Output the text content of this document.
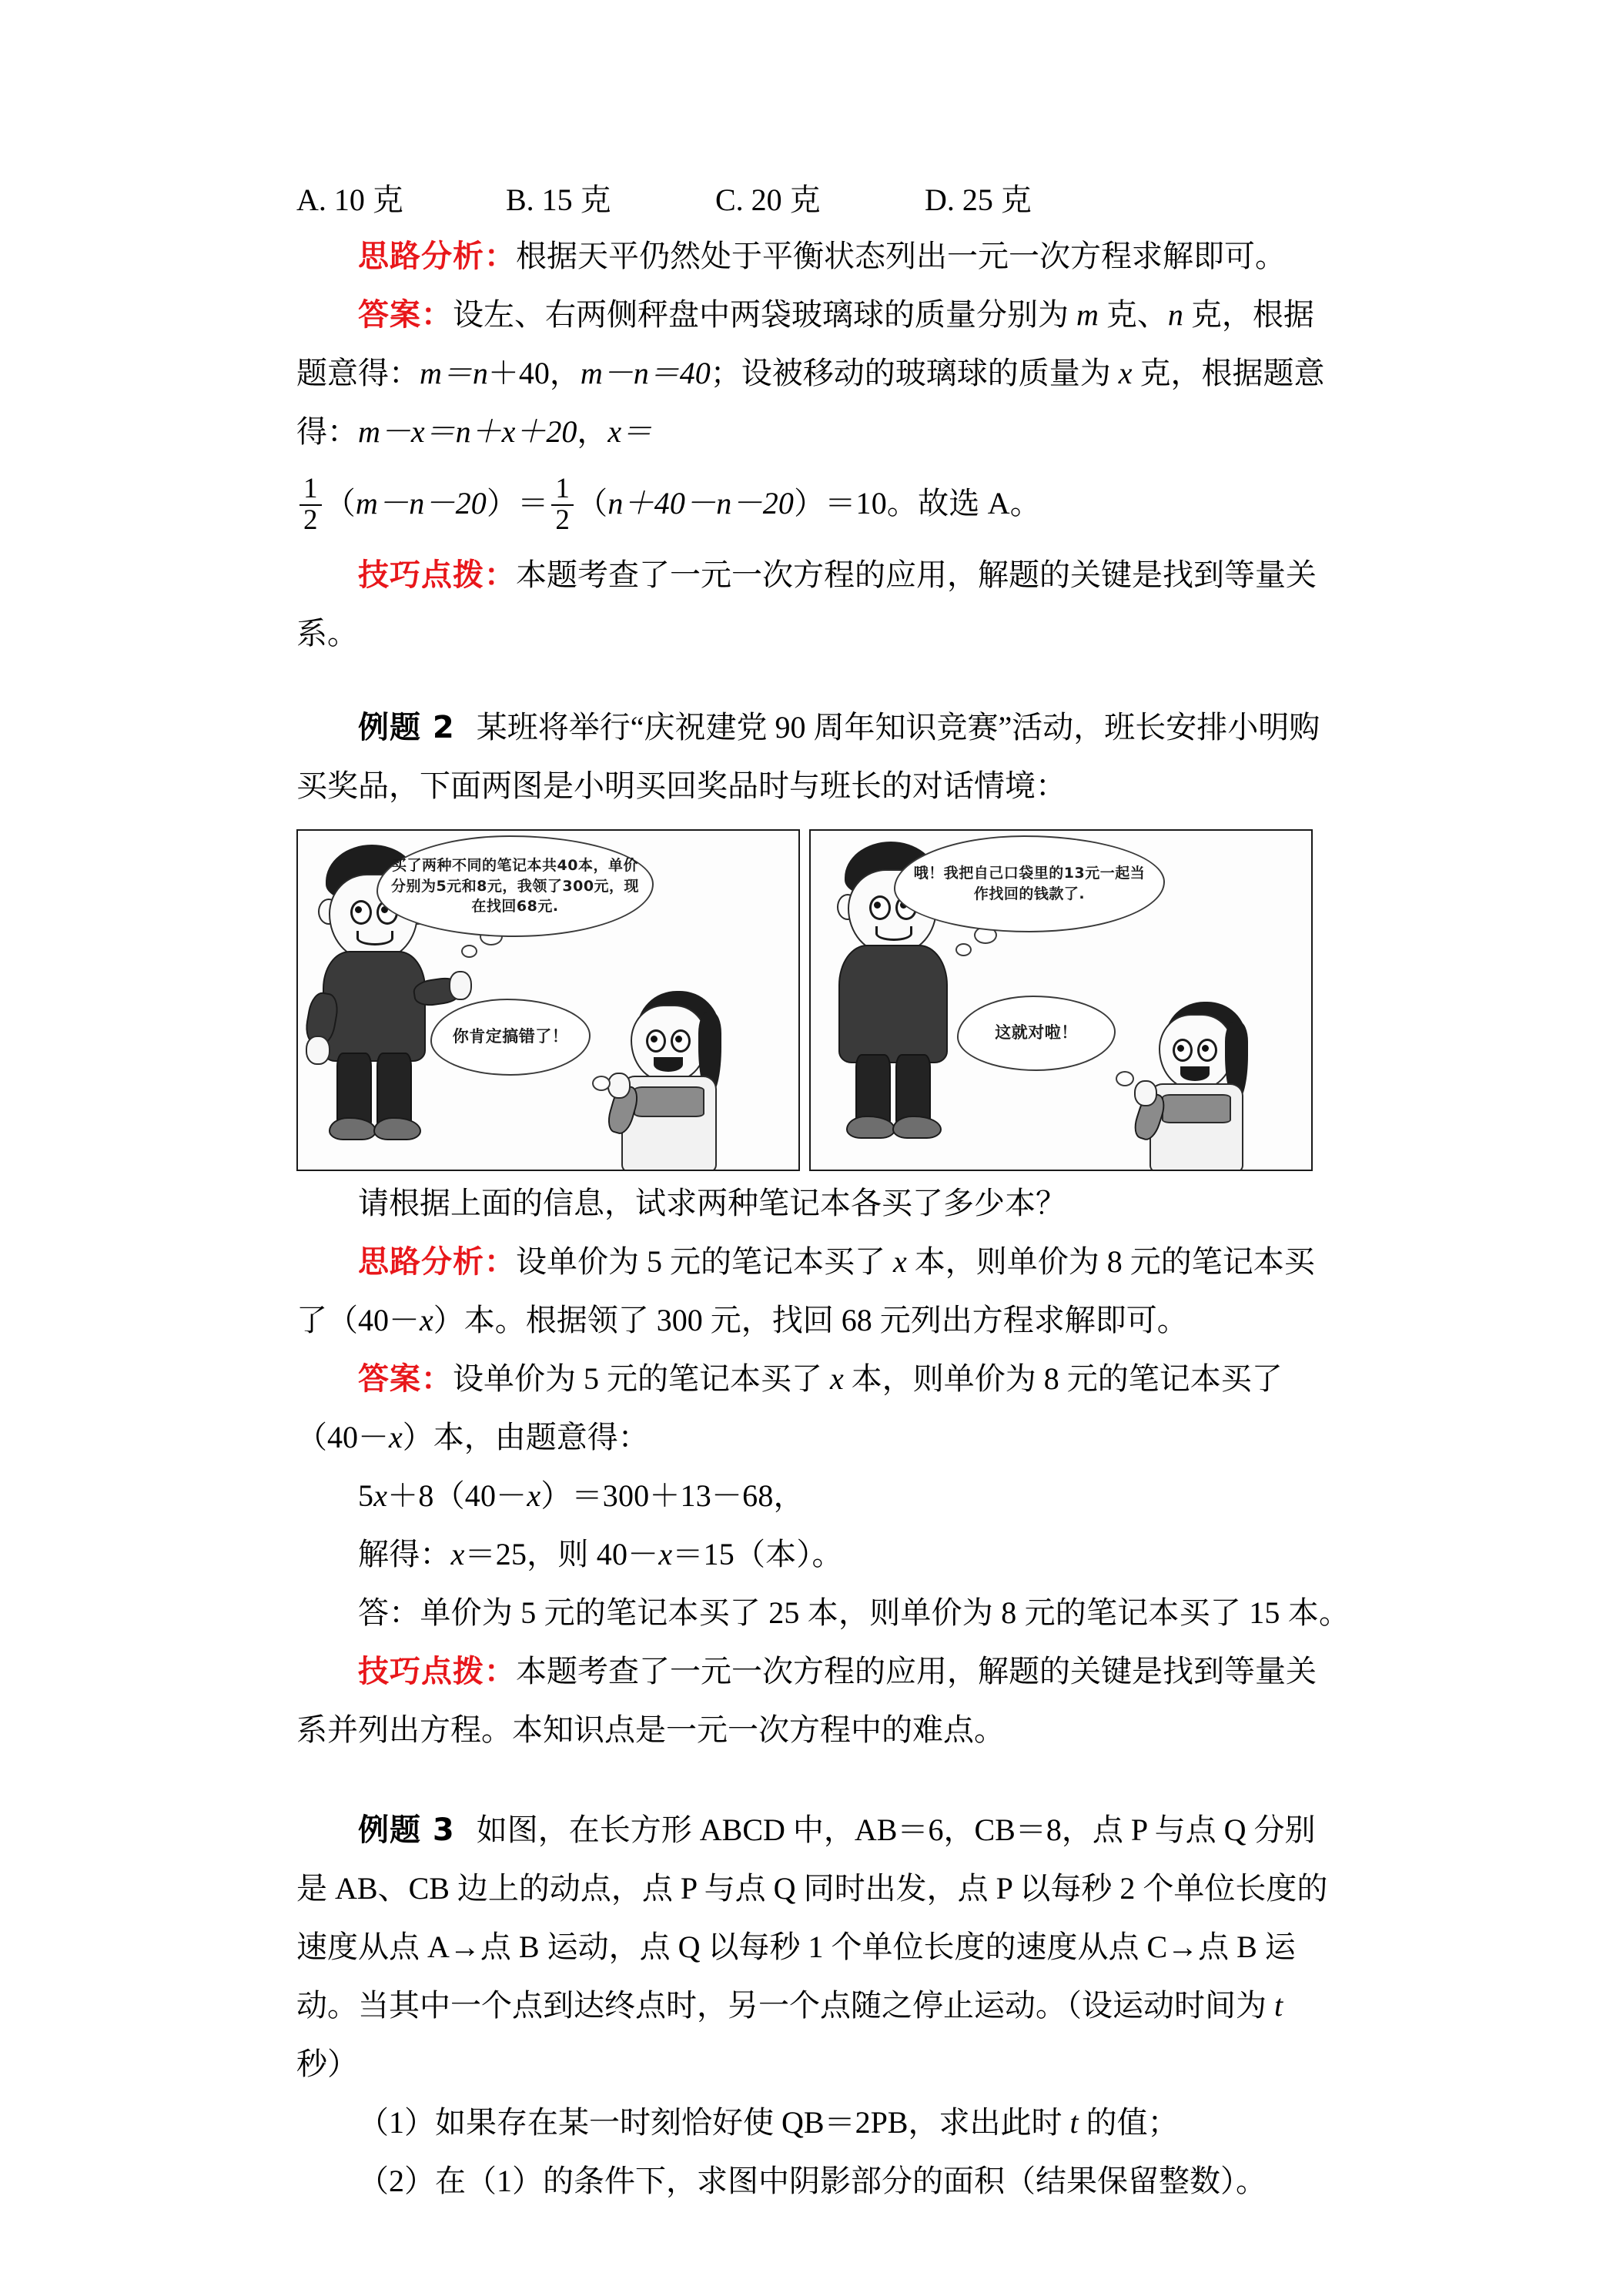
A. 10 克	B. 15 克	C. 20 克	D. 25 克
思路分析：根据天平仍然处于平衡状态列出一元一次方程求解即可。
答案：设左、右两侧秤盘中两袋玻璃球的质量分别为 m 克、n 克，根据题意得：m＝n＋40，m－n＝40；设被移动的玻璃球的质量为 x 克，根据题意得：m－x＝n＋x＋20，x＝
$\frac{1}{2} (m-n-20)= \frac{1}{2} (n+40-n-20)=10$。故选 A。
技巧点拨：本题考查了一元一次方程的应用，解题的关键是找到等量关系。
例题 2 某班将举行“庆祝建党 90 周年知识竞赛”活动，班长安排小明购买奖品，下面两图是小明买回奖品时与班长的对话情境：
买了两种不同的笔记本共40本，单价分别为5元和8元，我领了300元，现在找回68元.
你肯定搞错了！
哦！我把自己口袋里的13元一起当作找回的钱款了.
这就对啦！
请根据上面的信息，试求两种笔记本各买了多少本？
思路分析：设单价为 5 元的笔记本买了 x 本，则单价为 8 元的笔记本买了（40－x）本。根据领了 300 元，找回 68 元列出方程求解即可。
答案：设单价为 5 元的笔记本买了 x 本，则单价为 8 元的笔记本买了（40－x）本，由题意得：
5x＋8（40－x）＝300＋13－68，
解得：x＝25，则 40－x＝15（本）。
答：单价为 5 元的笔记本买了 25 本，则单价为 8 元的笔记本买了 15 本。
技巧点拨：本题考查了一元一次方程的应用，解题的关键是找到等量关系并列出方程。本知识点是一元一次方程中的难点。
例题 3 如图，在长方形 ABCD 中，AB＝6，CB＝8，点 P 与点 Q 分别是 AB、CB 边上的动点，点 P 与点 Q 同时出发，点 P 以每秒 2 个单位长度的速度从点 A→点 B 运动，点 Q 以每秒 1 个单位长度的速度从点 C→点 B 运动。当其中一个点到达终点时，另一个点随之停止运动。（设运动时间为 t 秒）
（1）如果存在某一时刻恰好使 QB＝2PB，求出此时 t 的值；
（2）在（1）的条件下，求图中阴影部分的面积（结果保留整数）。
